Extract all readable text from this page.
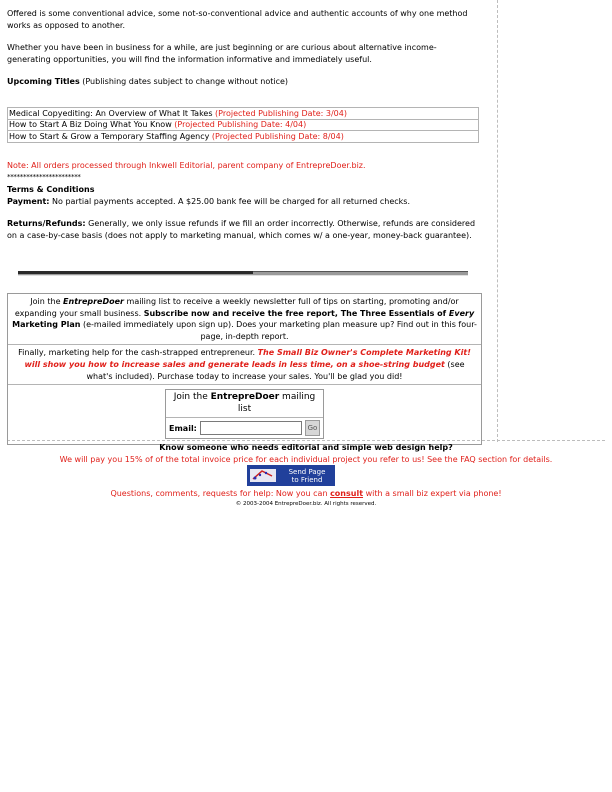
Offered is some conventional advice, some not-so-conventional advice and authentic accounts of why one method works as opposed to another.

Whether you have been in business for a while, are just beginning or are curious about alternative income-generating opportunities, you will find the information informative and immediately useful.

Upcoming Titles (Publishing dates subject to change without notice)

Medical Copyediting: An Overview of What It Takes (Projected Publishing Date: 3/04)
How to Start A Biz Doing What You Know (Projected Publishing Date: 4/04)
How to Start & Grow a Temporary Staffing Agency (Projected Publishing Date: 8/04)

Note: All orders processed through Inkwell Editorial, parent company of EntrepreDoer.biz.

***********************

Terms & Conditions

Payment: No partial payments accepted. A $25.00 bank fee will be charged for all returned checks.

Returns/Refunds: Generally, we only issue refunds if we fill an order incorrectly. Otherwise, refunds are considered on a case-by-case basis (does not apply to marketing manual, which comes w/ a one-year, money-back guarantee).

Join the EntrepreDoer mailing list to receive a weekly newsletter full of tips on starting, promoting and/or expanding your small business. Subscribe now and receive the free report, The Three Essentials of Every Marketing Plan (e-mailed immediately upon sign up). Does your marketing plan measure up? Find out in this four-page, in-depth report.
Finally, marketing help for the cash-strapped entrepreneur. The Small Biz Owner's Complete Marketing Kit! will show you how to increase sales and generate leads in less time, on a shoe-string budget (see what's included). Purchase today to increase your sales. You'll be glad you did!
Join the EntrepreDoer mailing list
Email:	Go
Know someone who needs editorial and simple web design help?
We will pay you 15% of of the total invoice price for each individual project you refer to us! See the FAQ section for details.
Send Page
to Friend
Questions, comments, requests for help: Now you can consult with a small biz expert via phone!
© 2003-2004 EntrepreDoer.biz. All rights reserved.
